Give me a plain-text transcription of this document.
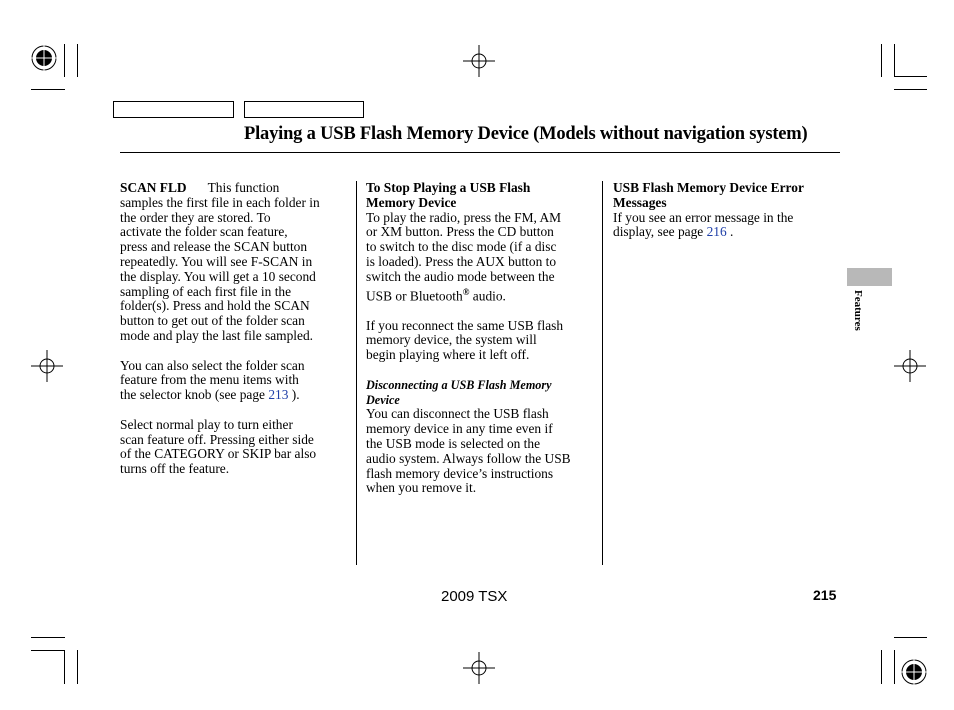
Playing a USB Flash Memory Device (Models without navigation system)
SCAN FLD This function

samples the first file in each folder in

the order they are stored. To

activate the folder scan feature,

press and release the SCAN button

repeatedly. You will see F-SCAN in

the display. You will get a 10 second

sampling of each first file in the

folder(s). Press and hold the SCAN

button to get out of the folder scan

mode and play the last file sampled.

You can also select the folder scan

feature from the menu items with

the selector knob (see page 213 ).

Select normal play to turn either

scan feature off. Pressing either side

of the CATEGORY or SKIP bar also

turns off the feature.

To Stop Playing a USB Flash

Memory Device

To play the radio, press the FM, AM

or XM button. Press the CD button

to switch to the disc mode (if a disc

is loaded). Press the AUX button to

switch the audio mode between the

USB or Bluetooth® audio.

If you reconnect the same USB flash

memory device, the system will

begin playing where it left off.

Disconnecting a USB Flash Memory

Device

You can disconnect the USB flash

memory device in any time even if

the USB mode is selected on the

audio system. Always follow the USB

flash memory device’s instructions

when you remove it.

USB Flash Memory Device Error

Messages

If you see an error message in the

display, see page 216 .

Features
2009 TSX	215
